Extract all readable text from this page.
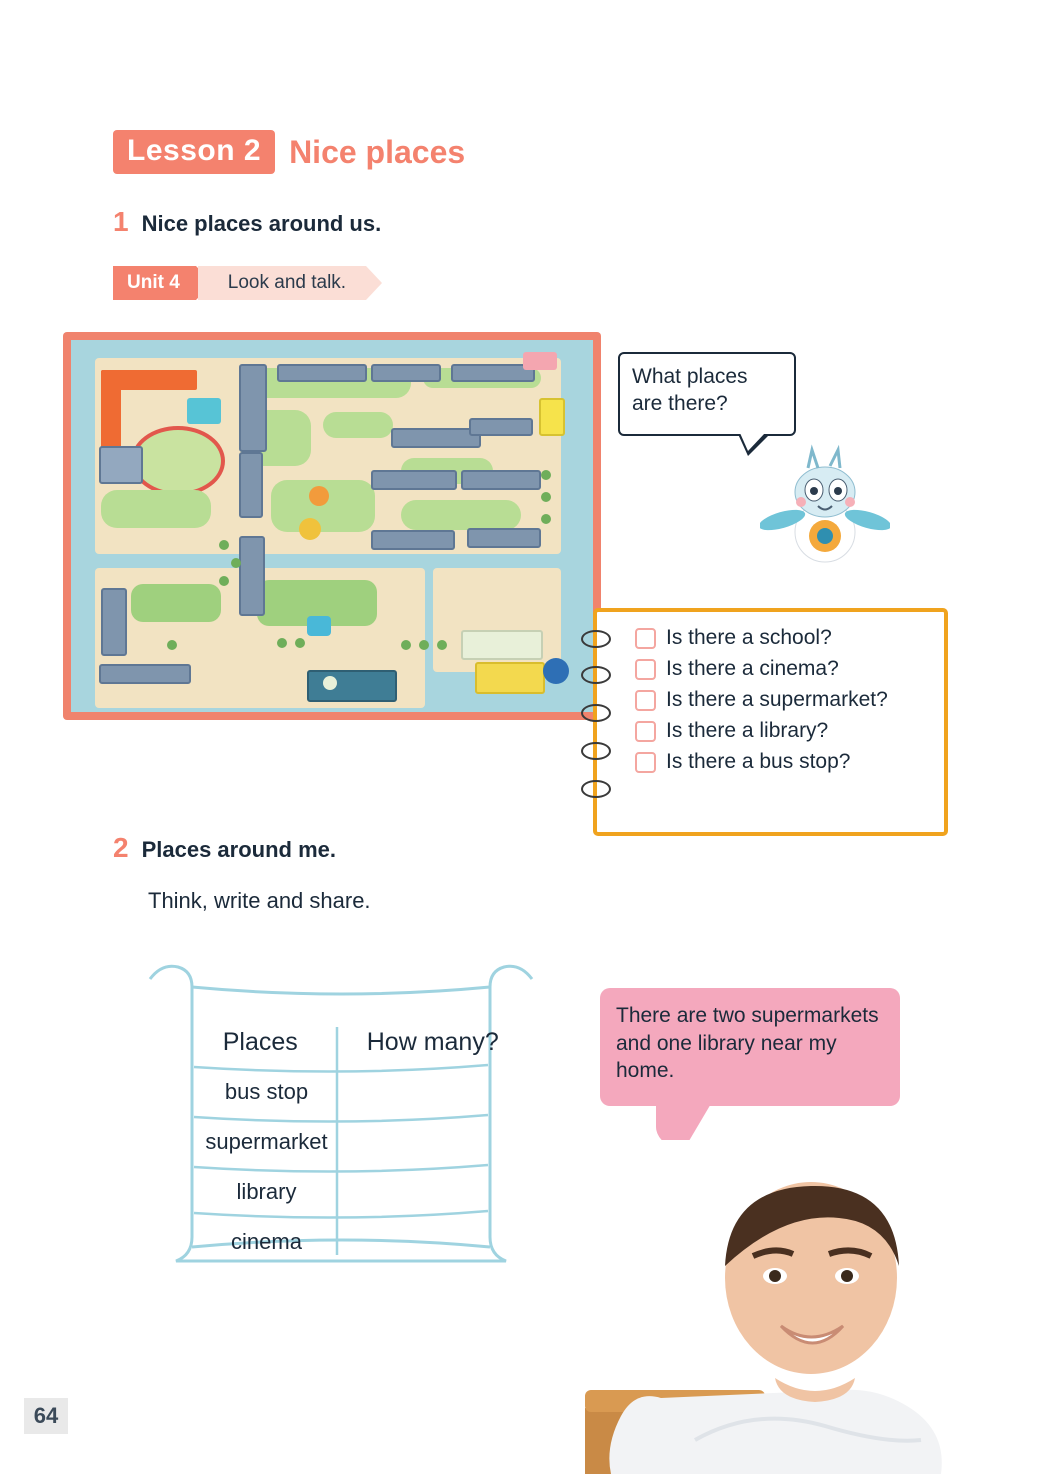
Lesson 2 Nice places
1 Nice places around us.
Unit 4	Look and talk.
What places are there?
Is there a school?
Is there a cinema?
Is there a supermarket?
Is there a library?
Is there a bus stop?
2 Places around me.
Think, write and share.
Places	How many?
bus stop
supermarket
library
cinema
There are two supermarkets and one library near my home.
64
